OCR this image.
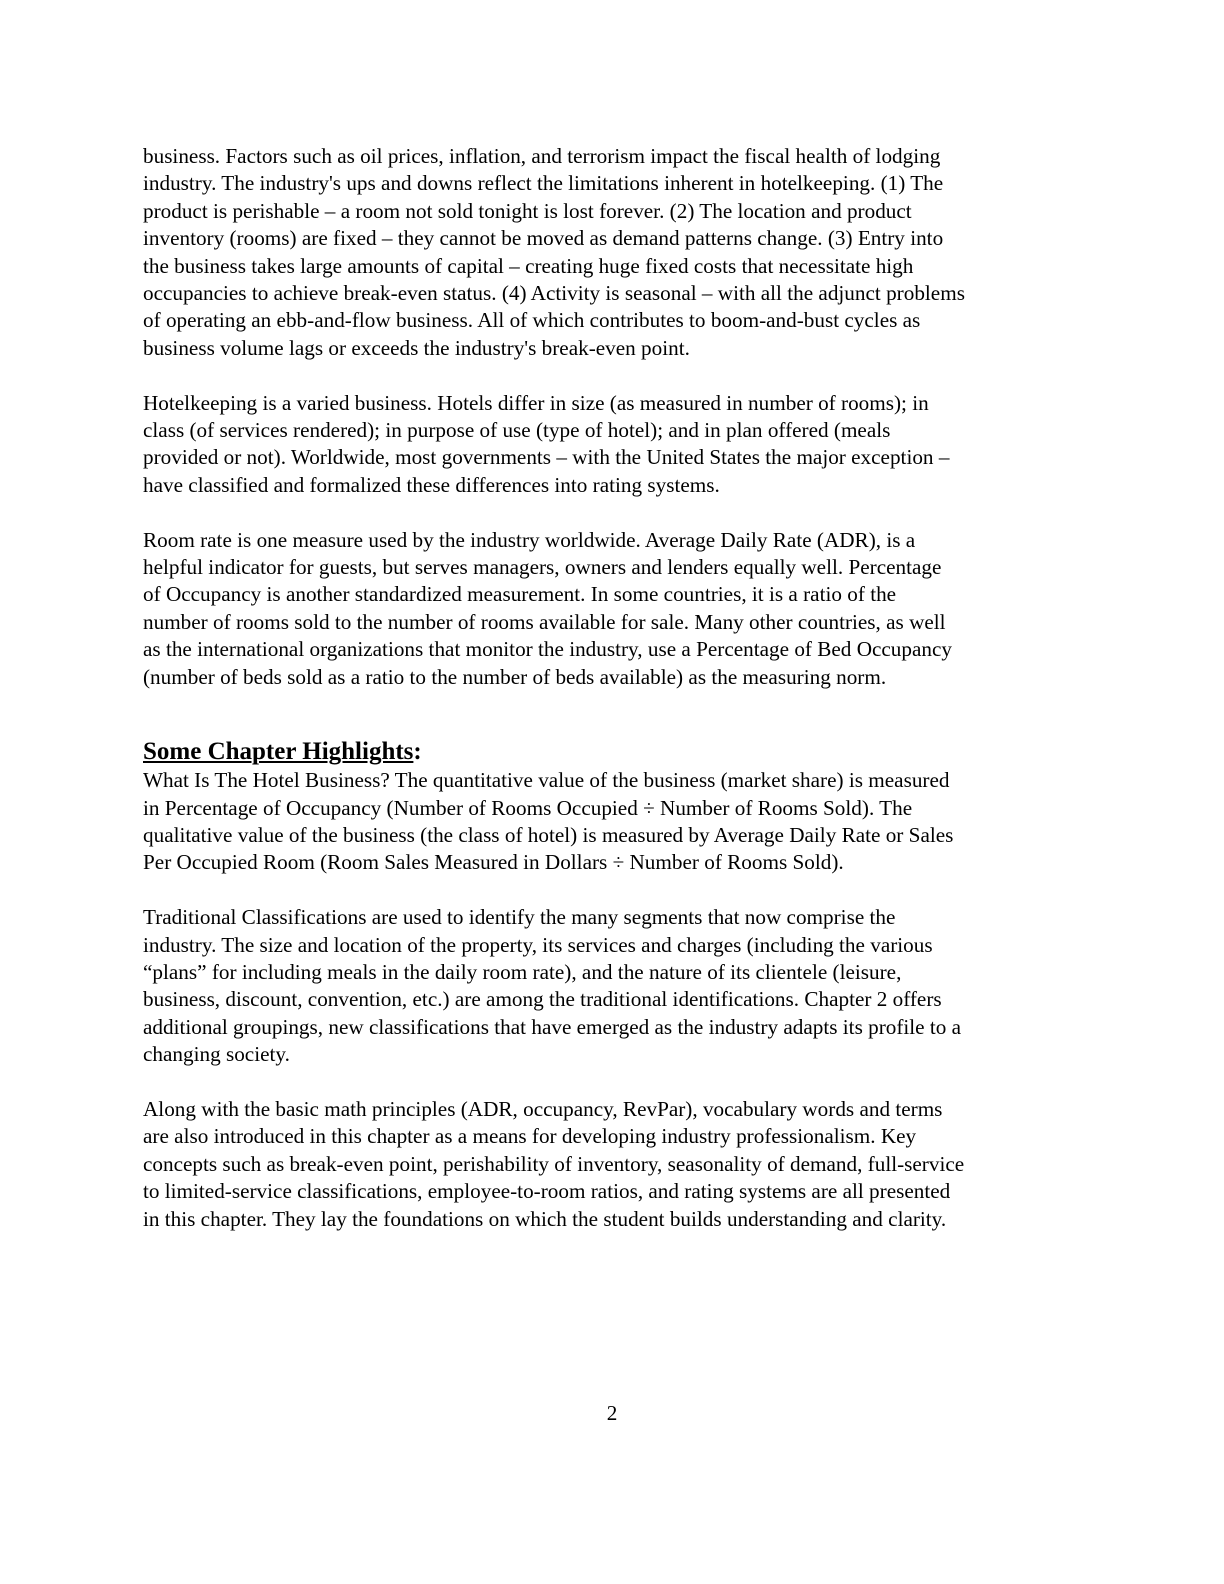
business. Factors such as oil prices, inflation, and terrorism impact the fiscal health of lodging
industry. The industry's ups and downs reflect the limitations inherent in hotelkeeping. (1) The
product is perishable – a room not sold tonight is lost forever. (2) The location and product
inventory (rooms) are fixed – they cannot be moved as demand patterns change. (3) Entry into
the business takes large amounts of capital – creating huge fixed costs that necessitate high
occupancies to achieve break-even status. (4) Activity is seasonal – with all the adjunct problems
of operating an ebb-and-flow business. All of which contributes to boom-and-bust cycles as
business volume lags or exceeds the industry's break-even point.

Hotelkeeping is a varied business. Hotels differ in size (as measured in number of rooms); in
class (of services rendered); in purpose of use (type of hotel); and in plan offered (meals
provided or not). Worldwide, most governments – with the United States the major exception –
have classified and formalized these differences into rating systems.

Room rate is one measure used by the industry worldwide. Average Daily Rate (ADR), is a
helpful indicator for guests, but serves managers, owners and lenders equally well. Percentage
of Occupancy is another standardized measurement. In some countries, it is a ratio of the
number of rooms sold to the number of rooms available for sale. Many other countries, as well
as the international organizations that monitor the industry, use a Percentage of Bed Occupancy
(number of beds sold as a ratio to the number of beds available) as the measuring norm.

Some Chapter Highlights:

What Is The Hotel Business? The quantitative value of the business (market share) is measured
in Percentage of Occupancy (Number of Rooms Occupied ÷ Number of Rooms Sold). The
qualitative value of the business (the class of hotel) is measured by Average Daily Rate or Sales
Per Occupied Room (Room Sales Measured in Dollars ÷ Number of Rooms Sold).

Traditional Classifications are used to identify the many segments that now comprise the
industry. The size and location of the property, its services and charges (including the various
“plans” for including meals in the daily room rate), and the nature of its clientele (leisure,
business, discount, convention, etc.) are among the traditional identifications. Chapter 2 offers
additional groupings, new classifications that have emerged as the industry adapts its profile to a
changing society.

Along with the basic math principles (ADR, occupancy, RevPar), vocabulary words and terms
are also introduced in this chapter as a means for developing industry professionalism. Key
concepts such as break-even point, perishability of inventory, seasonality of demand, full-service
to limited-service classifications, employee-to-room ratios, and rating systems are all presented
in this chapter. They lay the foundations on which the student builds understanding and clarity.

2
